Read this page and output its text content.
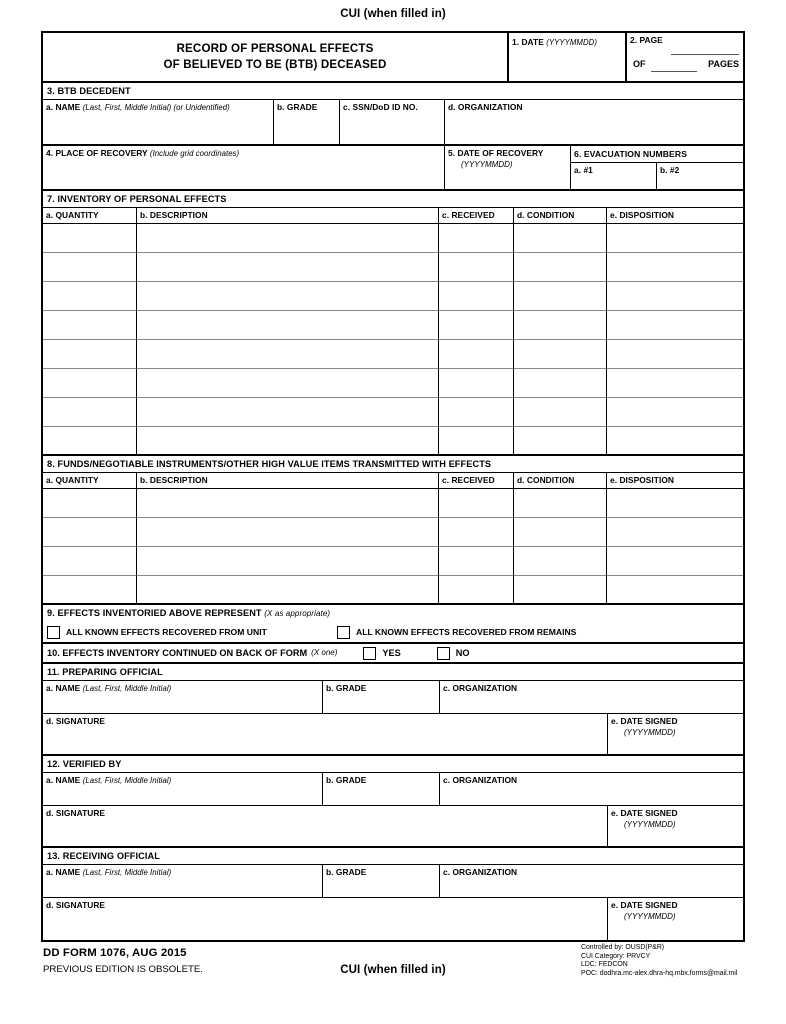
CUI (when filled in)
RECORD OF PERSONAL EFFECTS
OF BELIEVED TO BE (BTB) DECEASED
1. DATE (YYYYMMDD)	2. PAGE
OF	PAGES
3. BTB DECEDENT
a. NAME (Last, First, Middle Initial) (or Unidentified)	b. GRADE	c. SSN/DoD ID NO.	d. ORGANIZATION
4. PLACE OF RECOVERY (Include grid coordinates)	5. DATE OF RECOVERY
(YYYYMMDD)
6. EVACUATION NUMBERS
a. #1	b. #2
7. INVENTORY OF PERSONAL EFFECTS
a. QUANTITY	b. DESCRIPTION	c. RECEIVED	d. CONDITION	e. DISPOSITION
8. FUNDS/NEGOTIABLE INSTRUMENTS/OTHER HIGH VALUE ITEMS TRANSMITTED WITH EFFECTS
a. QUANTITY	b. DESCRIPTION	c. RECEIVED	d. CONDITION	e. DISPOSITION
9. EFFECTS INVENTORIED ABOVE REPRESENT (X as appropriate)
ALL KNOWN EFFECTS RECOVERED FROM UNIT	ALL KNOWN EFFECTS RECOVERED FROM REMAINS
10. EFFECTS INVENTORY CONTINUED ON BACK OF FORM (X one)	YES	NO
11. PREPARING OFFICIAL
a. NAME (Last, First, Middle Initial)	b. GRADE	c. ORGANIZATION
d. SIGNATURE	e. DATE SIGNED
(YYYYMMDD)
12. VERIFIED BY
a. NAME (Last, First, Middle Initial)	b. GRADE	c. ORGANIZATION
d. SIGNATURE	e. DATE SIGNED
(YYYYMMDD)
13. RECEIVING OFFICIAL
a. NAME (Last, First, Middle Initial)	b. GRADE	c. ORGANIZATION
d. SIGNATURE	e. DATE SIGNED
(YYYYMMDD)
DD FORM 1076, AUG 2015
PREVIOUS EDITION IS OBSOLETE.	CUI (when filled in)
Controlled by: OUSD(P&R)
CUI Category: PRVCY
LDC: FEDCON
POC: dodhra.mc-alex.dhra-hq.mbx.forms@mail.mil
